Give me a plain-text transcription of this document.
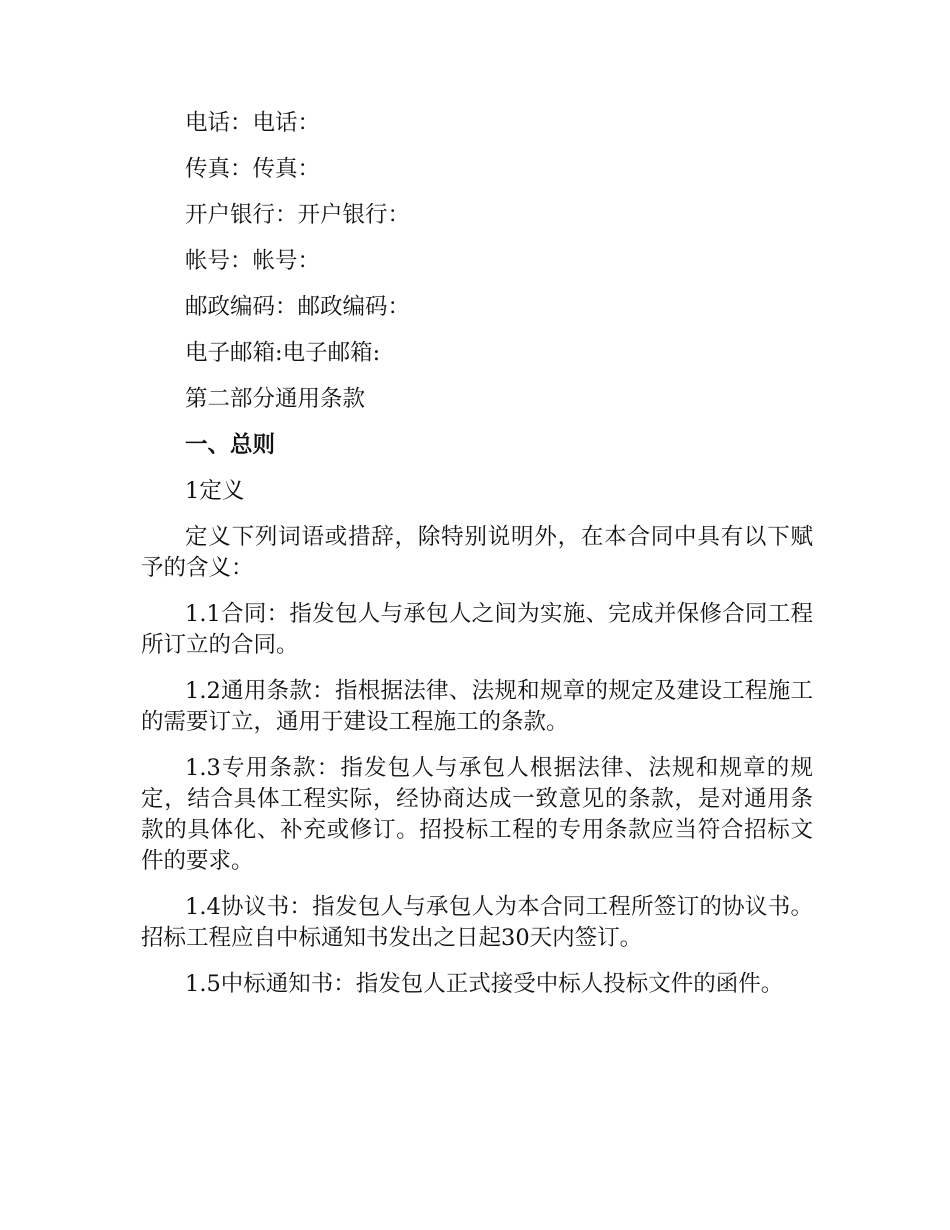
电话：电话：

传真：传真：

开户银行：开户银行：

帐号：帐号：

邮政编码：邮政编码：

电子邮箱:电子邮箱:

第二部分通用条款

一、总则

1定义

定义下列词语或措辞，除特别说明外，在本合同中具有以下赋予的含义：

1.1合同：指发包人与承包人之间为实施、完成并保修合同工程所订立的合同。

1.2通用条款：指根据法律、法规和规章的规定及建设工程施工的需要订立，通用于建设工程施工的条款。

1.3专用条款：指发包人与承包人根据法律、法规和规章的规定，结合具体工程实际，经协商达成一致意见的条款，是对通用条款的具体化、补充或修订。招投标工程的专用条款应当符合招标文件的要求。

1.4协议书：指发包人与承包人为本合同工程所签订的协议书。招标工程应自中标通知书发出之日起30天内签订。

1.5中标通知书：指发包人正式接受中标人投标文件的函件。
